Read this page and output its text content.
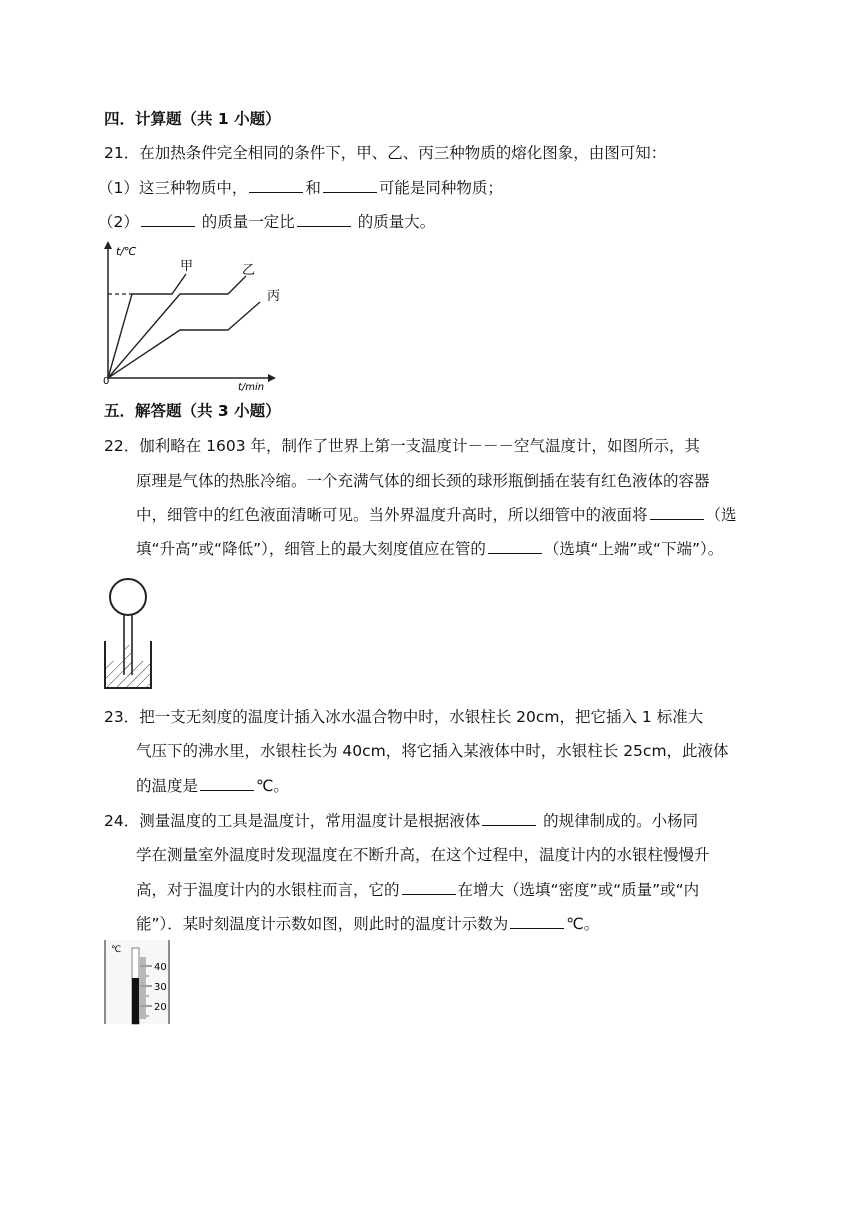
四．计算题（共 1 小题）
21．在加热条件完全相同的条件下，甲、乙、丙三种物质的熔化图象，由图可知：
（1）这三种物质中，	和	可能是同种物质；
（2）	的质量一定比	的质量大。
t/℃
t/min
0
甲	乙
丙
五．解答题（共 3 小题）
22．伽利略在 1603 年，制作了世界上第一支温度计－－－空气温度计，如图所示，其
原理是气体的热胀冷缩。一个充满气体的细长颈的球形瓶倒插在装有红色液体的容器
中，细管中的红色液面清晰可见。当外界温度升高时，所以细管中的液面将	（选
填“升高”或“降低”），细管上的最大刻度值应在管的	（选填“上端”或“下端”）。
23．把一支无刻度的温度计插入冰水温合物中时，水银柱长 20cm，把它插入 1 标准大
气压下的沸水里，水银柱长为 40cm，将它插入某液体中时，水银柱长 25cm，此液体
的温度是	℃。
24．测量温度的工具是温度计，常用温度计是根据液体	的规律制成的。小杨同
学在测量室外温度时发现温度在不断升高，在这个过程中，温度计内的水银柱慢慢升
高，对于温度计内的水银柱而言，它的	在增大（选填“密度”或“质量”或“内
能”）．某时刻温度计示数如图，则此时的温度计示数为	℃。
℃
40
30
20
